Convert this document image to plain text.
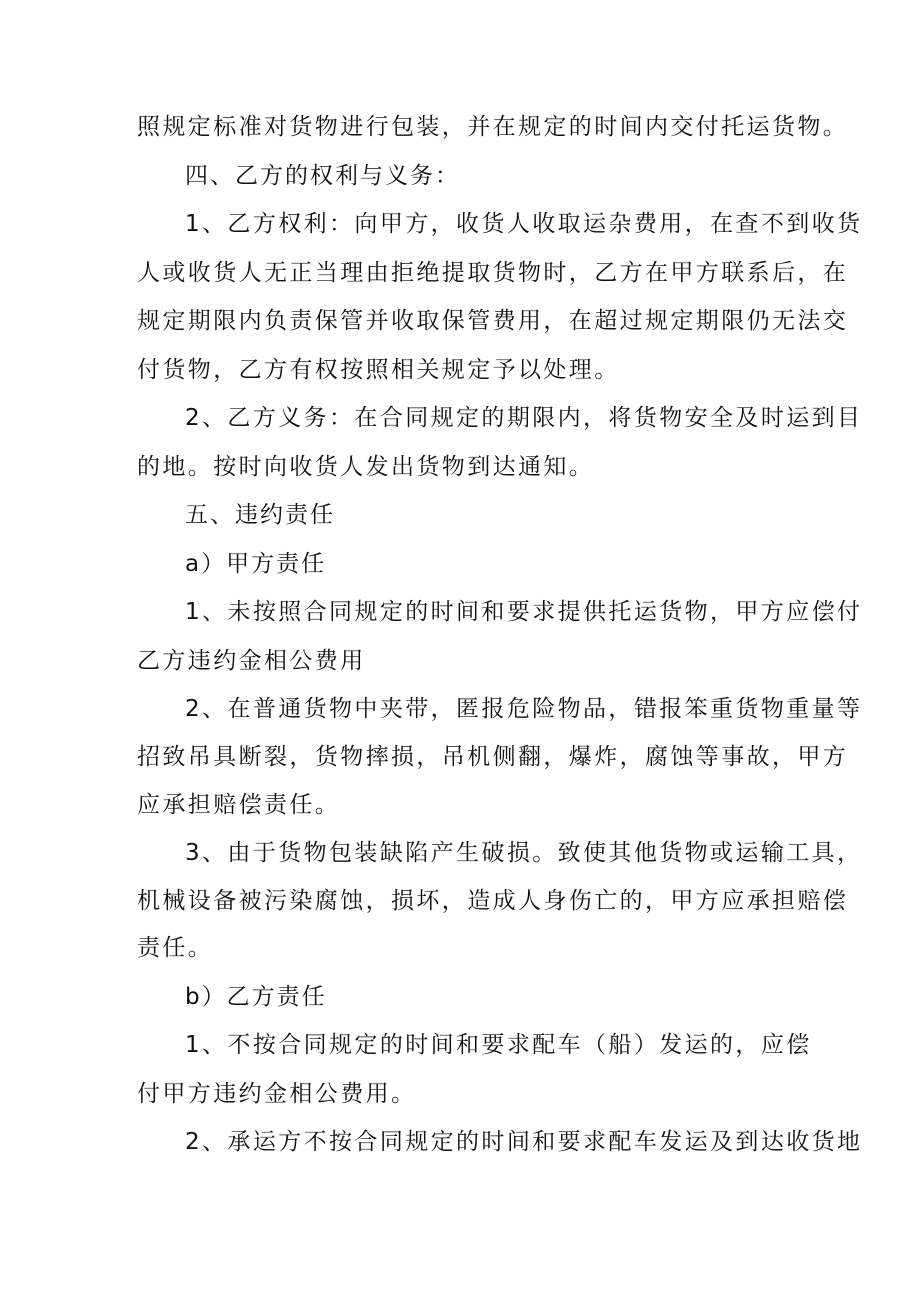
照规定标准对货物进行包装，并在规定的时间内交付托运货物。
四、乙方的权利与义务：
1、乙方权利：向甲方，收货人收取运杂费用，在查不到收货
人或收货人无正当理由拒绝提取货物时，乙方在甲方联系后，在
规定期限内负责保管并收取保管费用，在超过规定期限仍无法交
付货物，乙方有权按照相关规定予以处理。
2、乙方义务：在合同规定的期限内，将货物安全及时运到目
的地。按时向收货人发出货物到达通知。
五、违约责任
a）甲方责任
1、未按照合同规定的时间和要求提供托运货物，甲方应偿付
乙方违约金相公费用
2、在普通货物中夹带，匿报危险物品，错报笨重货物重量等
招致吊具断裂，货物摔损，吊机侧翻，爆炸，腐蚀等事故，甲方
应承担赔偿责任。
3、由于货物包装缺陷产生破损。致使其他货物或运输工具，
机械设备被污染腐蚀，损坏，造成人身伤亡的，甲方应承担赔偿
责任。
b）乙方责任
1、不按合同规定的时间和要求配车（船）发运的，应偿
付甲方违约金相公费用。
2、承运方不按合同规定的时间和要求配车发运及到达收货地
